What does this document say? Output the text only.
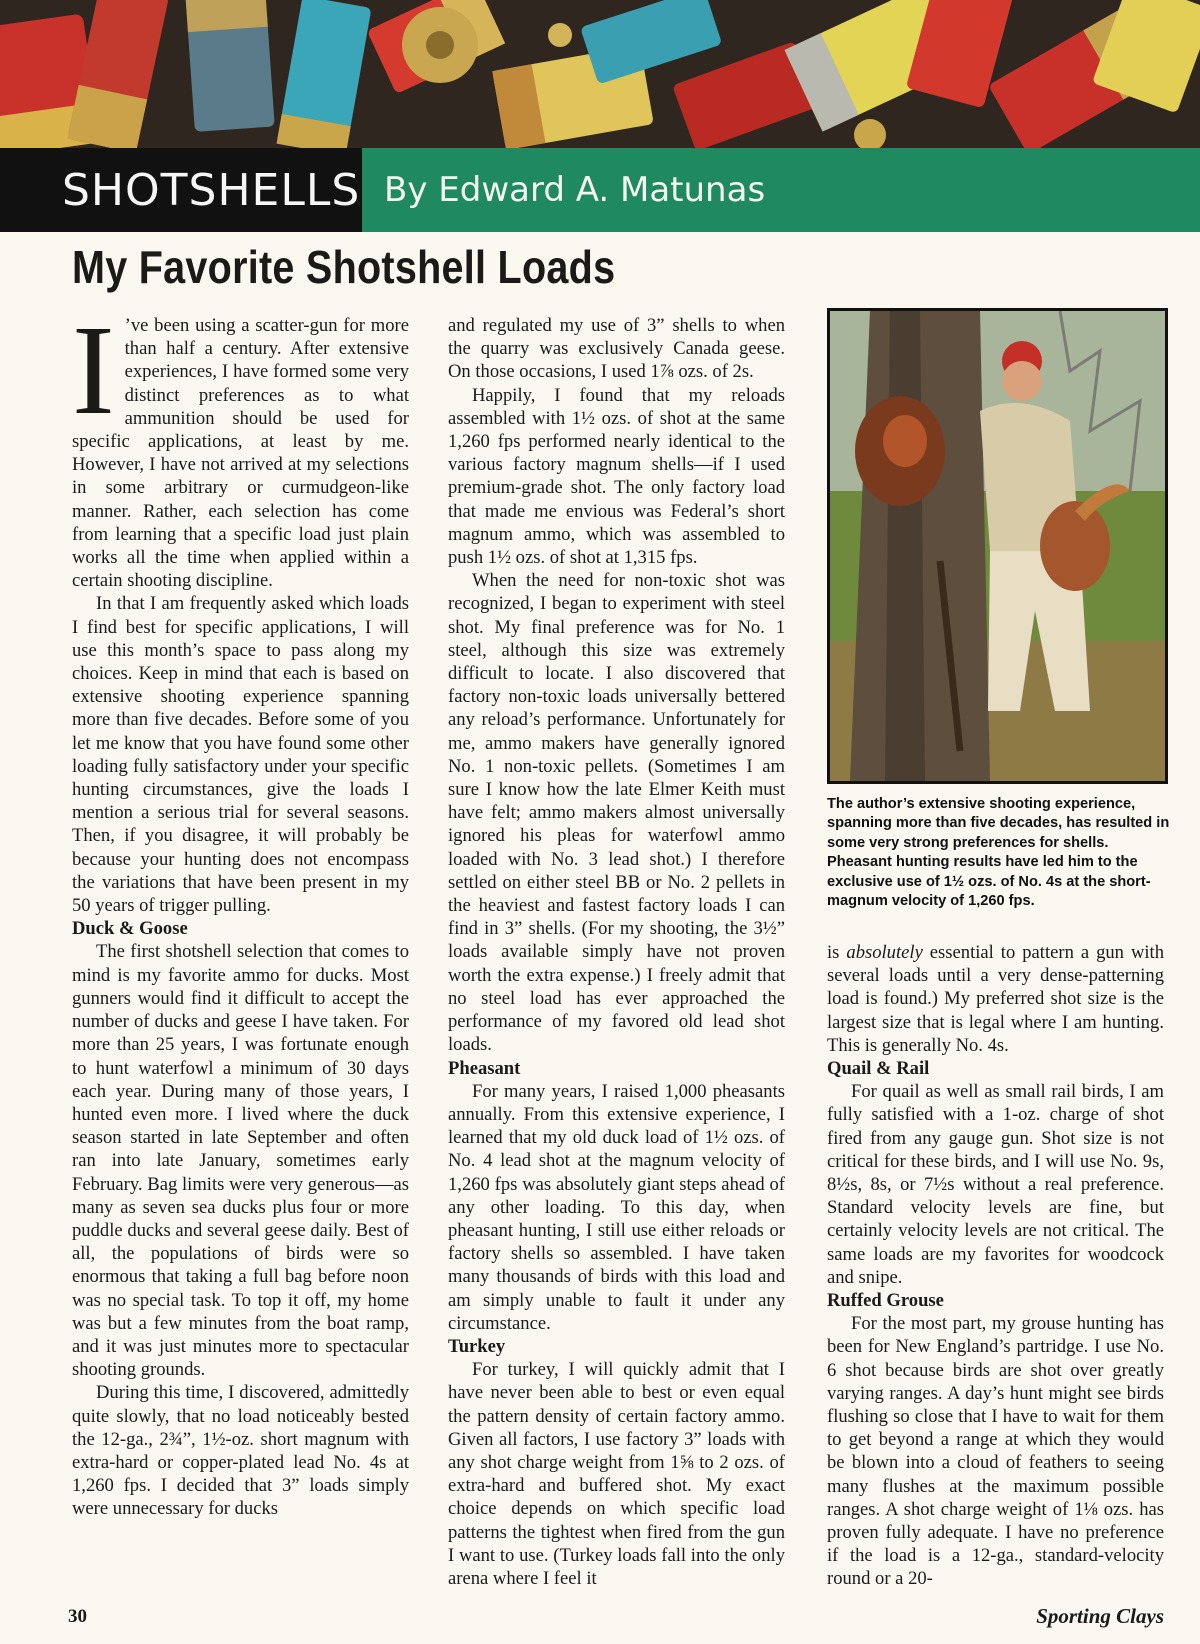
SHOTSHELLS By Edward A. Matunas
My Favorite Shotshell Loads
I ’ve been using a scatter-gun for more than half a century. After extensive experiences, I have formed some very distinct preferences as to what ammunition should be used for specific applications, at least by me. However, I have not arrived at my selections in some arbitrary or curmudgeon-like manner. Rather, each selection has come from learning that a specific load just plain works all the time when applied within a certain shooting discipline.

In that I am frequently asked which loads I find best for specific applications, I will use this month’s space to pass along my choices. Keep in mind that each is based on extensive shooting experience spanning more than five decades. Before some of you let me know that you have found some other loading fully satisfactory under your specific hunting circumstances, give the loads I mention a serious trial for several seasons. Then, if you disagree, it will probably be because your hunting does not encompass the variations that have been present in my 50 years of trigger pulling.

Duck & Goose

The first shotshell selection that comes to mind is my favorite ammo for ducks. Most gunners would find it difficult to accept the number of ducks and geese I have taken. For more than 25 years, I was fortunate enough to hunt waterfowl a minimum of 30 days each year. During many of those years, I hunted even more. I lived where the duck season started in late September and often ran into late January, sometimes early February. Bag limits were very generous—as many as seven sea ducks plus four or more puddle ducks and several geese daily. Best of all, the populations of birds were so enormous that taking a full bag before noon was no special task. To top it off, my home was but a few minutes from the boat ramp, and it was just minutes more to spectacular shooting grounds.

During this time, I discovered, admittedly quite slowly, that no load noticeably bested the 12-ga., 2¾”, 1½-oz. short magnum with extra-hard or copper-plated lead No. 4s at 1,260 fps. I decided that 3” loads simply were unnecessary for ducks

and regulated my use of 3” shells to when the quarry was exclusively Canada geese. On those occasions, I used 1⅞ ozs. of 2s.

Happily, I found that my reloads assembled with 1½ ozs. of shot at the same 1,260 fps performed nearly identical to the various factory magnum shells—if I used premium-grade shot. The only factory load that made me envious was Federal’s short magnum ammo, which was assembled to push 1½ ozs. of shot at 1,315 fps.

When the need for non-toxic shot was recognized, I began to experiment with steel shot. My final preference was for No. 1 steel, although this size was extremely difficult to locate. I also discovered that factory non-toxic loads universally bettered any reload’s performance. Unfortunately for me, ammo makers have generally ignored No. 1 non-toxic pellets. (Sometimes I am sure I know how the late Elmer Keith must have felt; ammo makers almost universally ignored his pleas for waterfowl ammo loaded with No. 3 lead shot.) I therefore settled on either steel BB or No. 2 pellets in the heaviest and fastest factory loads I can find in 3” shells. (For my shooting, the 3½” loads available simply have not proven worth the extra expense.) I freely admit that no steel load has ever approached the performance of my favored old lead shot loads.

Pheasant

For many years, I raised 1,000 pheasants annually. From this extensive experience, I learned that my old duck load of 1½ ozs. of No. 4 lead shot at the magnum velocity of 1,260 fps was absolutely giant steps ahead of any other loading. To this day, when pheasant hunting, I still use either reloads or factory shells so assembled. I have taken many thousands of birds with this load and am simply unable to fault it under any circumstance.

Turkey

For turkey, I will quickly admit that I have never been able to best or even equal the pattern density of certain factory ammo. Given all factors, I use factory 3” loads with any shot charge weight from 1⅝ to 2 ozs. of extra-hard and buffered shot. My exact choice depends on which specific load patterns the tightest when fired from the gun I want to use. (Turkey loads fall into the only arena where I feel it

The author’s extensive shooting experience, spanning more than five decades, has resulted in some very strong preferences for shells. Pheasant hunting results have led him to the exclusive use of 1½ ozs. of No. 4s at the short-magnum velocity of 1,260 fps.

is absolutely essential to pattern a gun with several loads until a very dense-patterning load is found.) My preferred shot size is the largest size that is legal where I am hunting. This is generally No. 4s.

Quail & Rail

For quail as well as small rail birds, I am fully satisfied with a 1-oz. charge of shot fired from any gauge gun. Shot size is not critical for these birds, and I will use No. 9s, 8½s, 8s, or 7½s without a real preference. Standard velocity levels are fine, but certainly velocity levels are not critical. The same loads are my favorites for woodcock and snipe.

Ruffed Grouse

For the most part, my grouse hunting has been for New England’s partridge. I use No. 6 shot because birds are shot over greatly varying ranges. A day’s hunt might see birds flushing so close that I have to wait for them to get beyond a range at which they would be blown into a cloud of feathers to seeing many flushes at the maximum possible ranges. A shot charge weight of 1⅛ ozs. has proven fully adequate. I have no preference if the load is a 12-ga., standard-velocity round or a 20-

30	Sporting Clays
